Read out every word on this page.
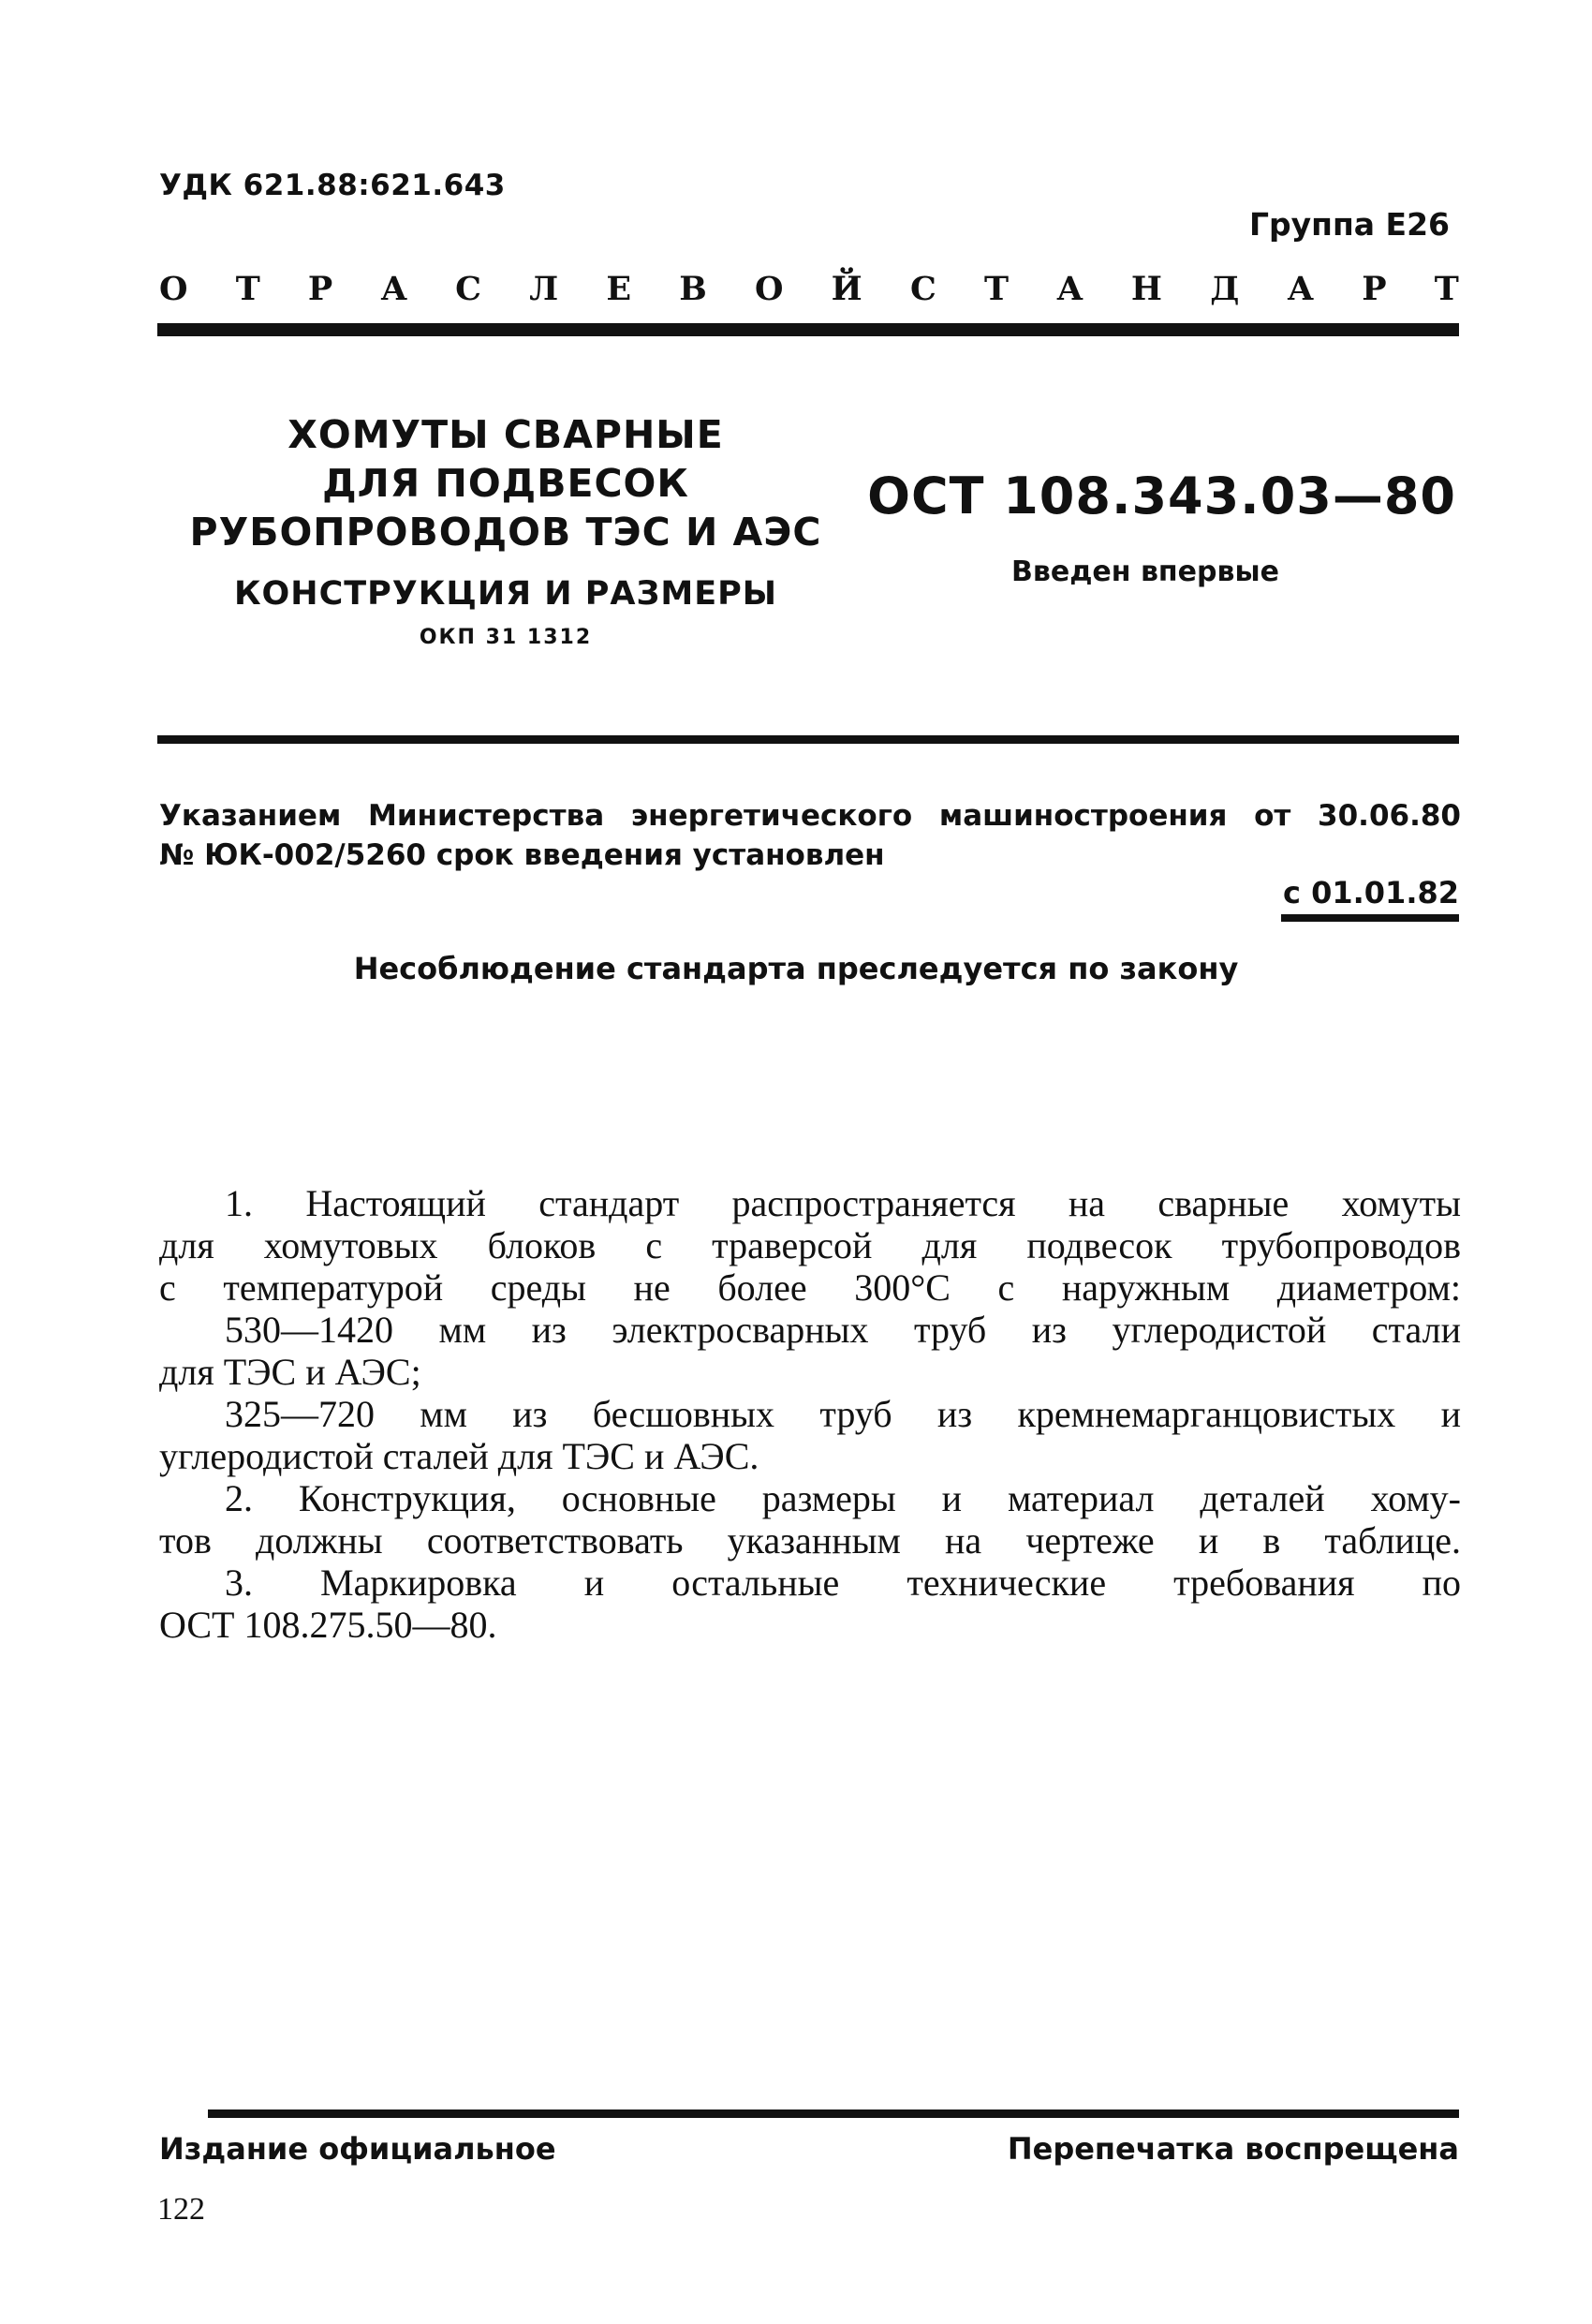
УДК 621.88:621.643
Группа Е26
О Т Р А С Л Е В О Й С Т А Н Д А Р Т
ХОМУТЫ СВАРНЫЕ
ДЛЯ ПОДВЕСОК
РУБОПРОВОДОВ ТЭС И АЭС
КОНСТРУКЦИЯ И РАЗМЕРЫ
ОКП 31 1312
ОСТ 108.343.03—80
Введен впервые
Указанием Министерства энергетического машиностроения от 30.06.80
№ ЮК-002/5260 срок введения установлен
с 01.01.82
Несоблюдение стандарта преследуется по закону

1. Настоящий стандарт распространяется на сварные хомуты

для хомутовых блоков с траверсой для подвесок трубопроводов

с температурой среды не более 300°С с наружным диаметром:

530—1420 мм из электросварных труб из углеродистой стали

для ТЭС и АЭС;

325—720 мм из бесшовных труб из кремнемарганцовистых и

углеродистой сталей для ТЭС и АЭС.

2. Конструкция, основные размеры и материал деталей хому-

тов должны соответствовать указанным на чертеже и в таблице.

3. Маркировка и остальные технические требования по

ОСТ 108.275.50—80.

Издание официальное	Перепечатка воспрещена
122
